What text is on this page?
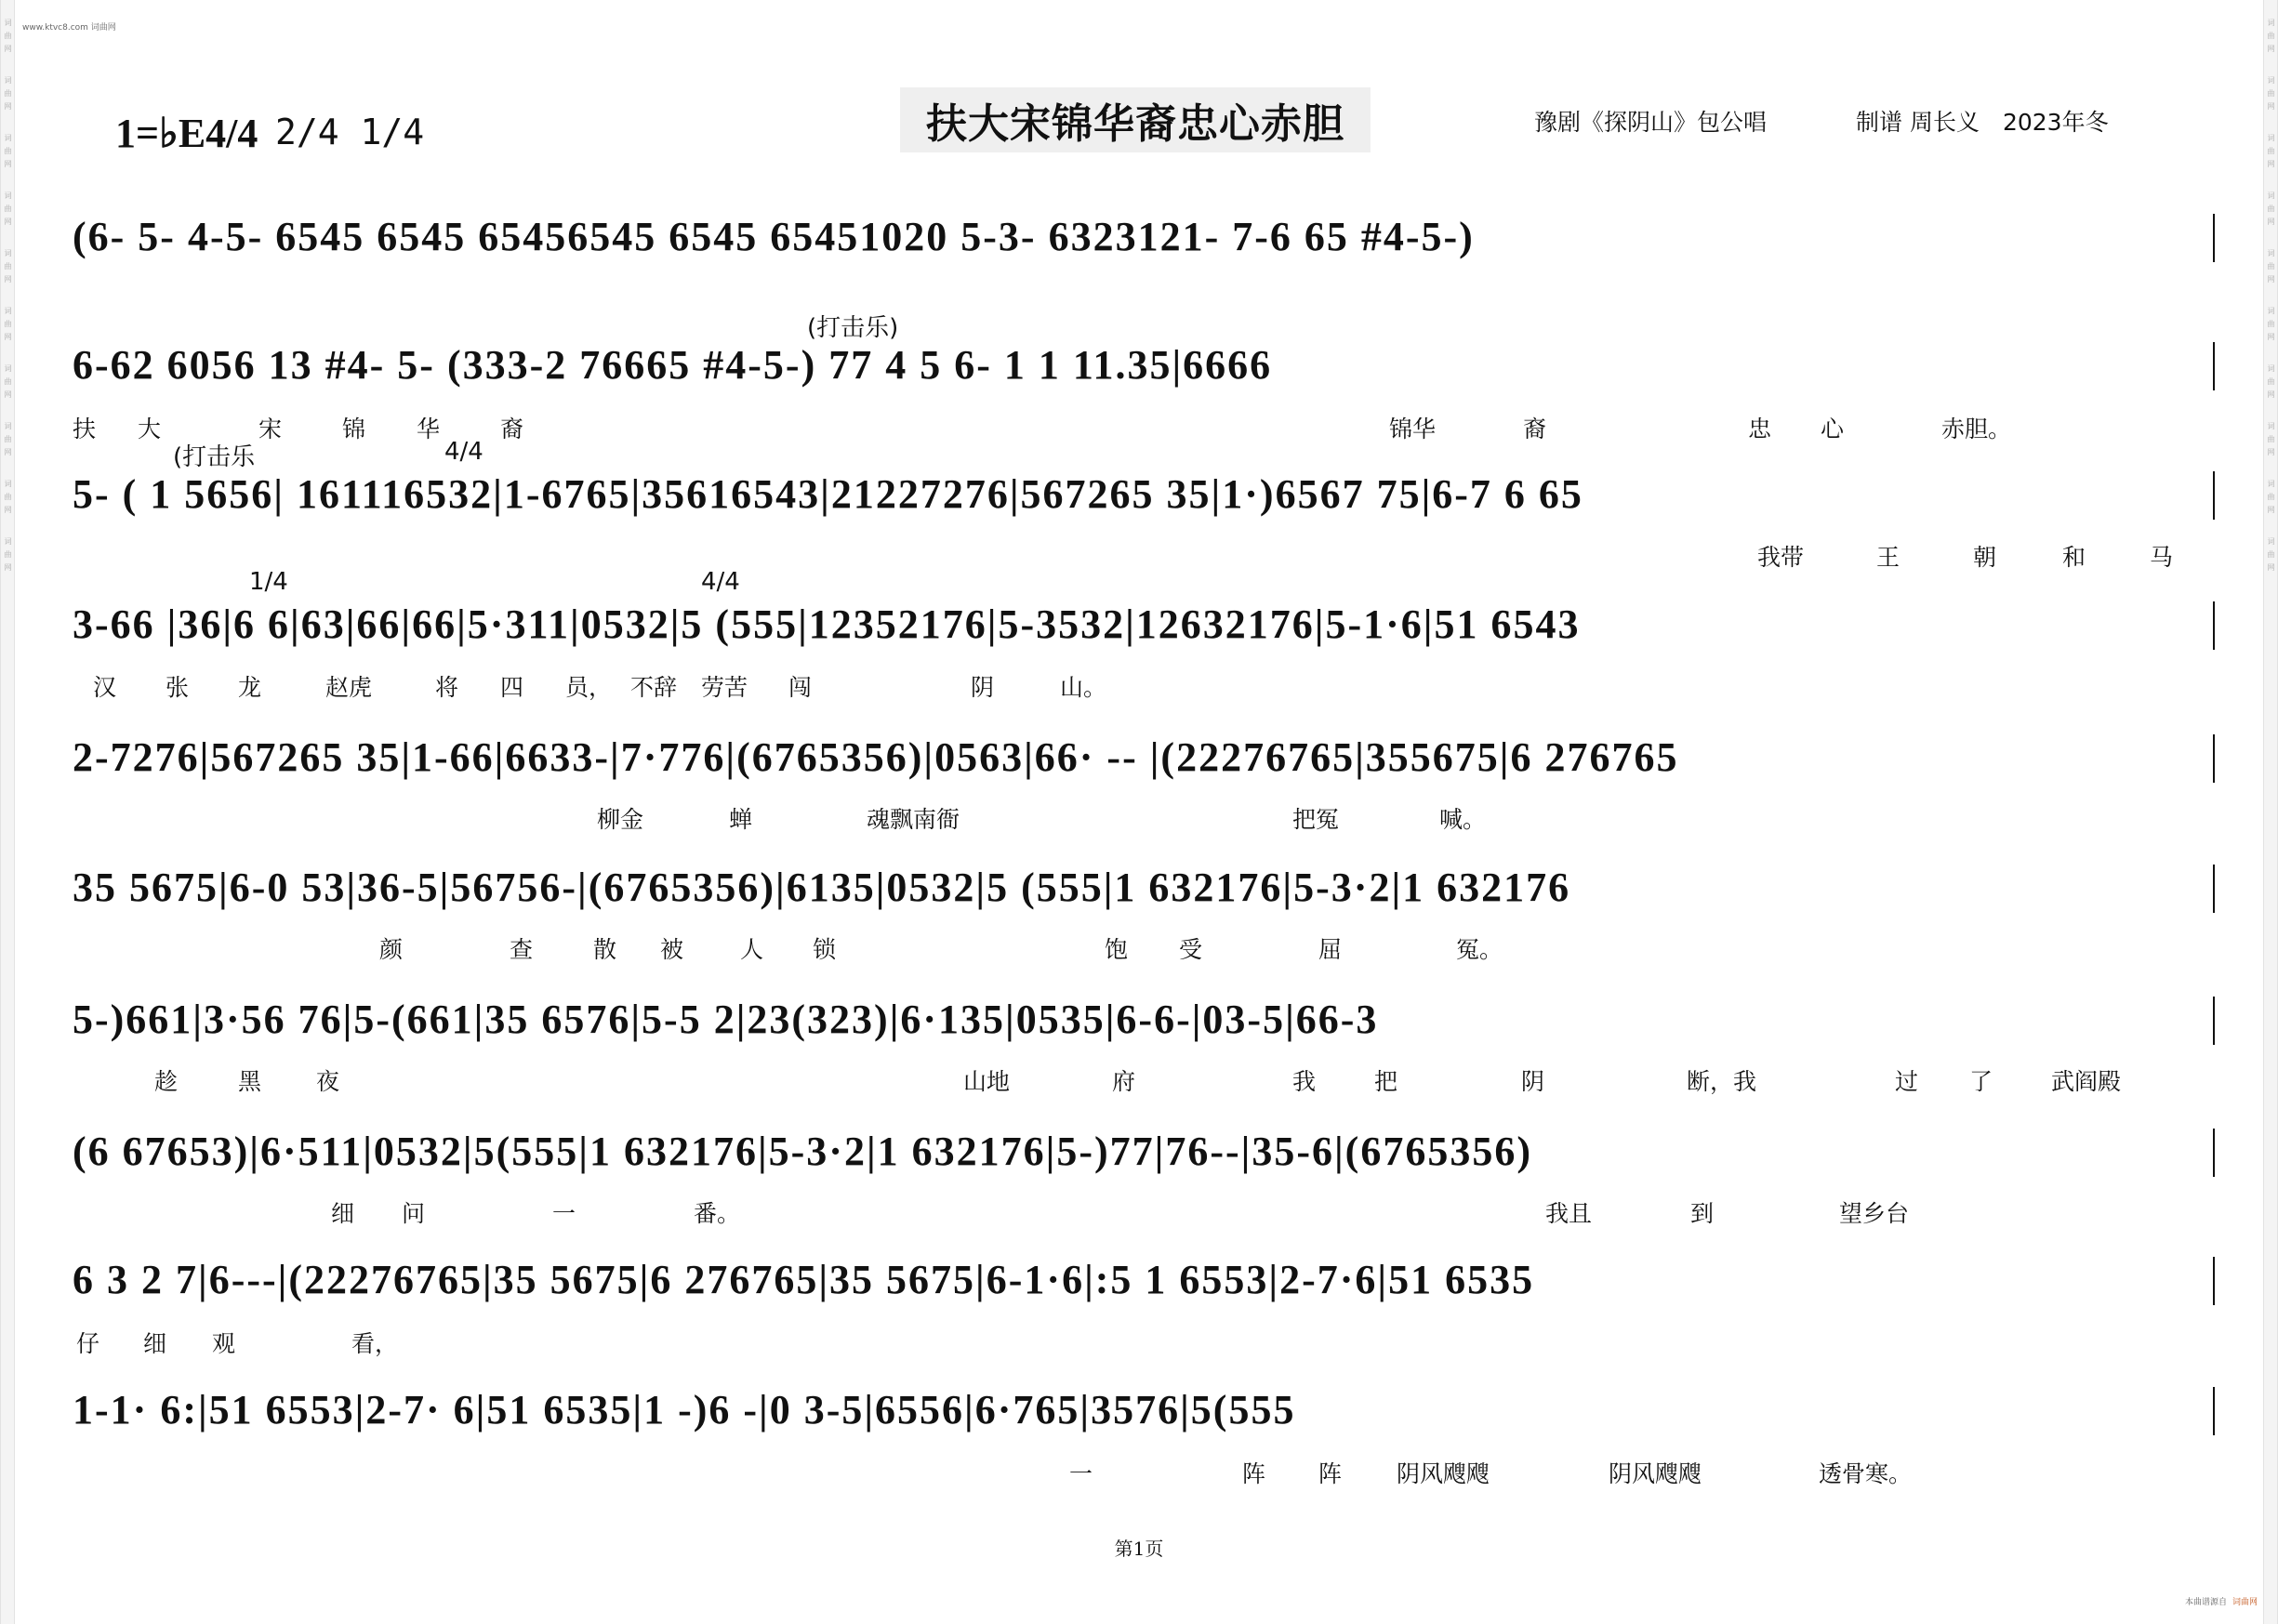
词曲网
词曲网
词曲网
词曲网
词曲网
词曲网
词曲网
词曲网
词曲网
词曲网
词曲网
词曲网
词曲网
词曲网
词曲网
词曲网
词曲网
词曲网
词曲网
词曲网
www.ktvc8.com 词曲网
1=♭E4/4 2/4 1/4	扶大宋锦华裔忠心赤胆	豫剧《探阴山》包公唱	制谱 周长义　2023年冬
(6- 5- 4-5- 6545 6545 65456545 6545 65451020 5-3- 6323121- 7-6 65 #4-5-)
6-62 6056 13 #4- 5- (333-2 76665 #4-5-) 77 4 5 6- 1 1 11.35|6666
(打击乐)
扶 大	宋	锦 华	裔	锦华	裔	忠 心	赤胆。
5- ( 1 5656| 161116532|1-6765|35616543|21227276|567265 35|1·)6567 75|6-7 6 65
(打击乐	4/4
我带	王	朝	和	马
3-66 |36|6 6|63|66|66|5·311|0532|5 (555|12352176|5-3532|12632176|5-1·6|51 6543
1/4	4/4
汉 张 龙	赵虎	将 四 员， 不辞 劳苦 闯	阴	山。
2-7276|567265 35|1-66|6633-|7·776|(6765356)|0563|66· -- |(22276765|355675|6 276765
柳金	蝉	魂飘南衙	把冤	喊。
35 5675|6-0 53|36-5|56756-|(6765356)|6135|0532|5 (555|1 632176|5-3·2|1 632176
颜	查	散 被 人 锁	饱 受	屈	冤。
5-)661|3·56 76|5-(661|35 6576|5-5 2|23(323)|6·135|0535|6-6-|03-5|66-3
趁	黑 夜	山地	府	我	把	阴	断，我	过 了	武阎殿
(6 67653)|6·511|0532|5(555|1 632176|5-3·2|1 632176|5-)77|76--|35-6|(6765356)
细 问	一	番。	我且	到	望乡台
6 3 2 7|6---|(22276765|35 5675|6 276765|35 5675|6-1·6|:5 1 6553|2-7·6|51 6535
仔 细 观	看，
1-1· 6:|51 6553|2-7· 6|51 6535|1 -)6 -|0 3-5|6556|6·765|3576|5(555
一	阵 阵 阴风飕飕	阴风飕飕	透骨寒。
第1页
本曲谱源自 词曲网
